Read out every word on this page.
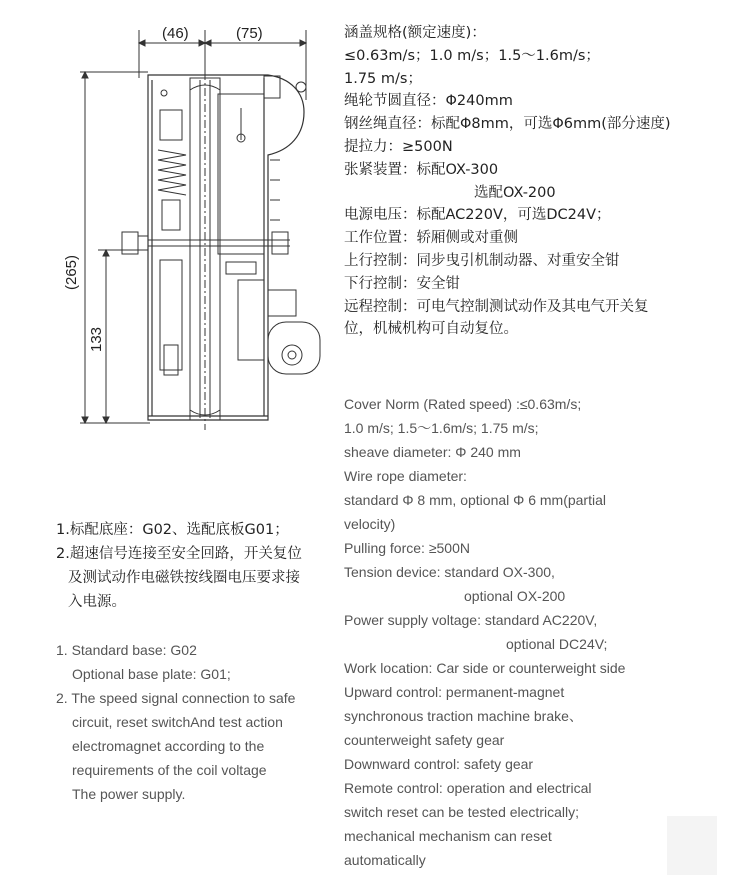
(46)	(75)
(265)
133
涵盖规格(额定速度)：
≤0.63m/s；1.0 m/s；1.5～1.6m/s；
1.75 m/s；
绳轮节圆直径：Φ240mm
钢丝绳直径：标配Φ8mm，可选Φ6mm(部分速度)
提拉力：≥500N
张紧装置：标配OX-300
选配OX-200
电源电压：标配AC220V，可选DC24V；
工作位置：轿厢侧或对重侧
上行控制：同步曳引机制动器、对重安全钳
下行控制：安全钳
远程控制：可电气控制测试动作及其电气开关复
位，机械机构可自动复位。
Cover Norm (Rated speed) :≤0.63m/s;
1.0 m/s; 1.5～1.6m/s; 1.75 m/s;
sheave diameter: Φ 240 mm
Wire rope diameter:
standard Φ 8 mm, optional Φ 6 mm(partial
velocity)
Pulling force: ≥500N
Tension device: standard OX-300,
optional OX-200
Power supply voltage: standard AC220V,
optional DC24V;
Work location: Car side or counterweight side
Upward control: permanent-magnet
synchronous traction machine brake、
counterweight safety gear
Downward control: safety gear
Remote control: operation and electrical
switch reset can be tested electrically;
mechanical mechanism can reset
automatically
1.标配底座：G02、选配底板G01；
2.超速信号连接至安全回路，开关复位
及测试动作电磁铁按线圈电压要求接
入电源。
1. Standard base: G02
Optional base plate: G01;
2. The speed signal connection to safe
circuit, reset switchAnd test action
electromagnet according to the
requirements of the coil voltage
The power supply.
